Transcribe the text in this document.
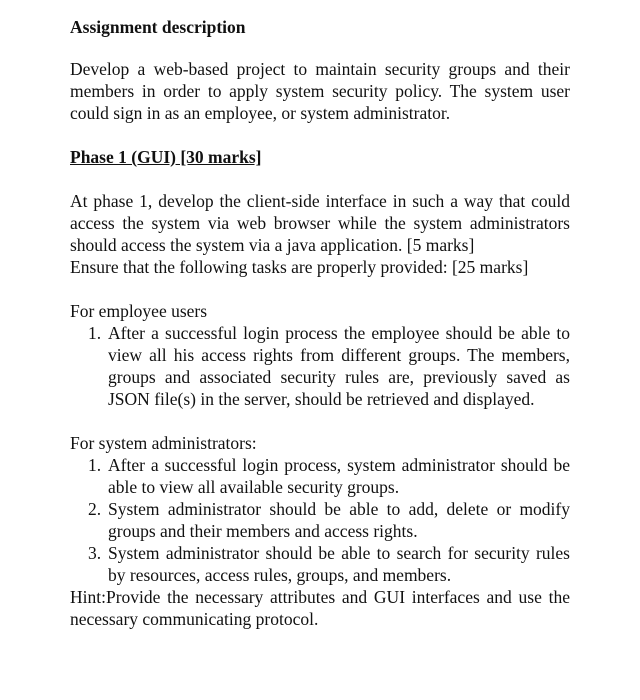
Assignment description

Develop a web-based project to maintain security groups and their members in order to apply system security policy. The system user could sign in as an employee, or system administrator.

Phase 1 (GUI) [30 marks]

At phase 1, develop the client-side interface in such a way that could access the system via web browser while the system administrators should access the system via a java application. [5 marks]

Ensure that the following tasks are properly provided: [25 marks]

For employee users

1. After a successful login process the employee should be able to view all his access rights from different groups. The members, groups and associated security rules are, previously saved as JSON file(s) in the server, should be retrieved and displayed.

For system administrators:

1. After a successful login process, system administrator should be able to view all available security groups.
2. System administrator should be able to add, delete or modify groups and their members and access rights.
3. System administrator should be able to search for security rules by resources, access rules, groups, and members.

Hint:Provide the necessary attributes and GUI interfaces and use the necessary communicating protocol.
